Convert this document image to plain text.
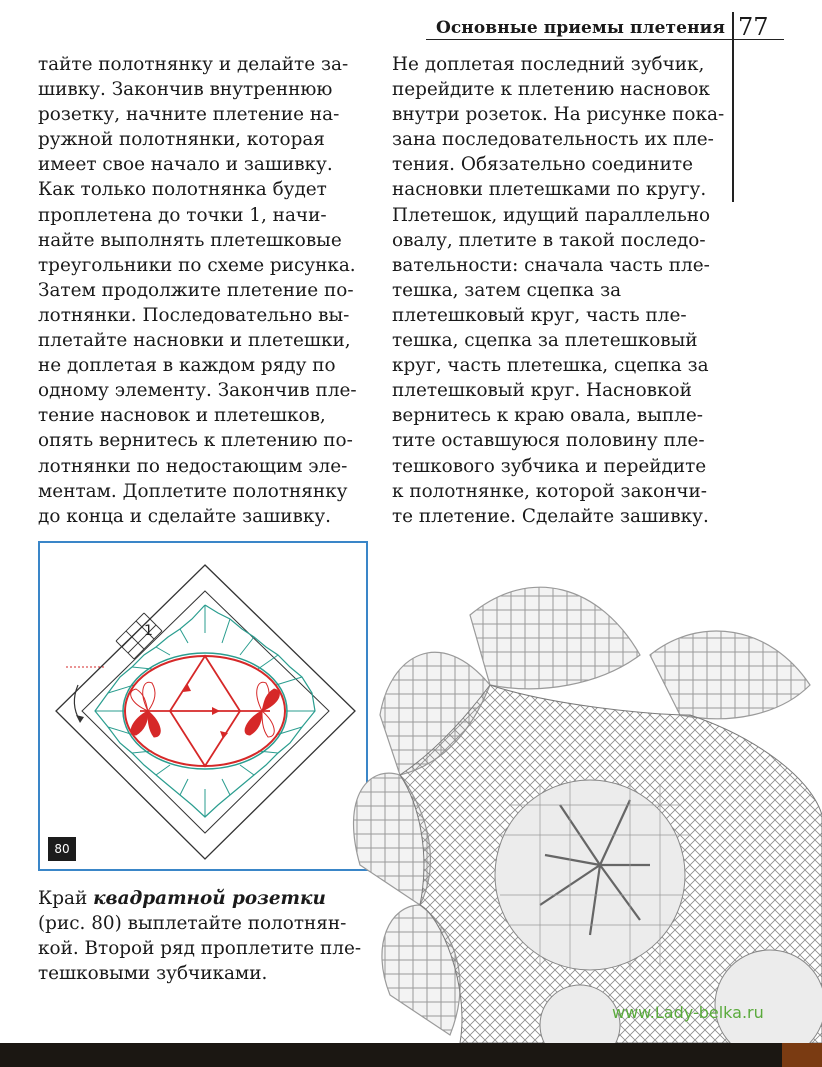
Основные приемы плетения 77
тайте полотнянку и делайте за-
шивку. Закончив внутреннюю
розетку, начните плетение на-
ружной полотнянки, которая
имеет свое начало и зашивку.
Как только полотнянка будет
проплетена до точки 1, начи-
найте выполнять плетешковые
треугольники по схеме рисунка.
Затем продолжите плетение по-
лотнянки. Последовательно вы-
плетайте насновки и плетешки,
не доплетая в каждом ряду по
одному элементу. Закончив пле-
тение насновок и плетешков,
опять вернитесь к плетению по-
лотнянки по недостающим эле-
ментам. Доплетите полотнянку
до конца и сделайте зашивку.
Не доплетая последний зубчик,
перейдите к плетению насновок
внутри розеток. На рисунке пока-
зана последовательность их пле-
тения. Обязательно соедините
насновки плетешками по кругу.
Плетешок, идущий параллельно
овалу, плетите в такой последо-
вательности: сначала часть пле-
тешка, затем сцепка за
плетешковый круг, часть пле-
тешка, сцепка за плетешковый
круг, часть плетешка, сцепка за
плетешковый круг. Насновкой
вернитесь к краю овала, выпле-
тите оставшуюся половину пле-
тешкового зубчика и перейдите
к полотнянке, которой закончи-
те плетение. Сделайте зашивку.
1
80
Край квадратной розетки
(рис. 80) выплетайте полотнян-
кой. Второй ряд проплетите пле-
тешковыми зубчиками.
www.Lady-belka.ru
